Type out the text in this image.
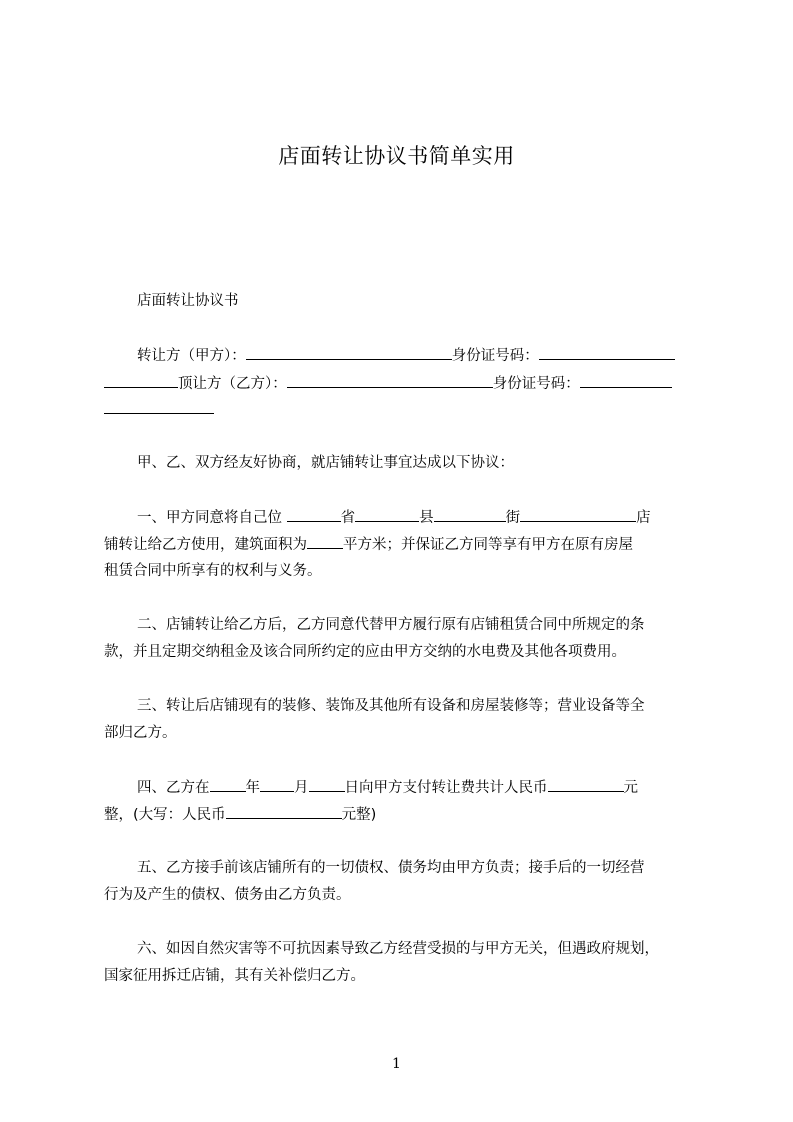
店面转让协议书简单实用
店面转让协议书
转让方（甲方）：	身份证号码：
顶让方（乙方）：	身份证号码：
甲、乙、双方经友好协商，就店铺转让事宜达成以下协议：
一、甲方同意将自己位	省	县	街	店
铺转让给乙方使用，建筑面积为 平方米；并保证乙方同等享有甲方在原有房屋
租赁合同中所享有的权利与义务。
二、店铺转让给乙方后，乙方同意代替甲方履行原有店铺租赁合同中所规定的条
款，并且定期交纳租金及该合同所约定的应由甲方交纳的水电费及其他各项费用。
三、转让后店铺现有的装修、装饰及其他所有设备和房屋装修等；营业设备等全
部归乙方。
四、乙方在 年 月 日向甲方支付转让费共计人民币	元
整，(大写：人民币	元整)
五、乙方接手前该店铺所有的一切债权、债务均由甲方负责；接手后的一切经营
行为及产生的债权、债务由乙方负责。
六、如因自然灾害等不可抗因素导致乙方经营受损的与甲方无关，但遇政府规划，
国家征用拆迁店铺，其有关补偿归乙方。
1
